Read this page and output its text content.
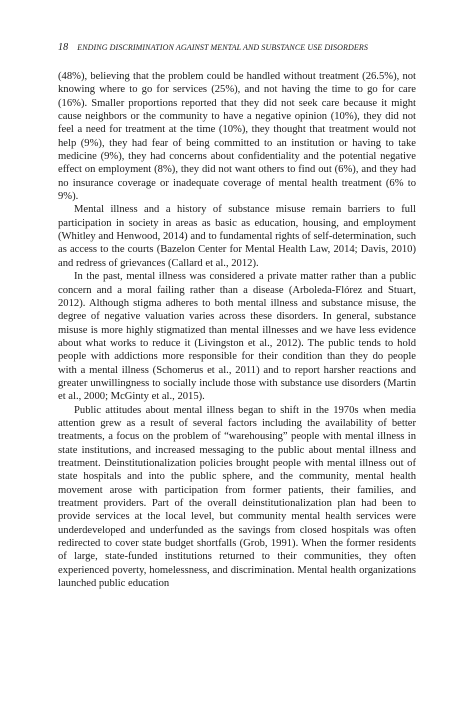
18 ENDING DISCRIMINATION AGAINST MENTAL AND SUBSTANCE USE DISORDERS

(48%), believing that the problem could be handled without treatment (26.5%), not knowing where to go for services (25%), and not having the time to go for care (16%). Smaller proportions reported that they did not seek care because it might cause neighbors or the community to have a negative opinion (10%), they did not feel a need for treatment at the time (10%), they thought that treatment would not help (9%), they had fear of being committed to an institution or having to take medicine (9%), they had concerns about confidentiality and the potential negative effect on employment (8%), they did not want others to find out (6%), and they had no insurance coverage or inadequate coverage of mental health treatment (6% to 9%).

Mental illness and a history of substance misuse remain barriers to full participation in society in areas as basic as education, housing, and employment (Whitley and Henwood, 2014) and to fundamental rights of self-determination, such as access to the courts (Bazelon Center for Mental Health Law, 2014; Davis, 2010) and redress of grievances (Callard et al., 2012).

In the past, mental illness was considered a private matter rather than a public concern and a moral failing rather than a disease (Arboleda-Flórez and Stuart, 2012). Although stigma adheres to both mental illness and substance misuse, the degree of negative valuation varies across these disorders. In general, substance misuse is more highly stigmatized than mental illnesses and we have less evidence about what works to reduce it (Livingston et al., 2012). The public tends to hold people with addictions more responsible for their condition than they do people with a mental illness (Schomerus et al., 2011) and to report harsher reactions and greater unwillingness to socially include those with substance use disorders (Martin et al., 2000; McGinty et al., 2015).

Public attitudes about mental illness began to shift in the 1970s when media attention grew as a result of several factors including the availability of better treatments, a focus on the problem of “warehousing” people with mental illness in state institutions, and increased messaging to the public about mental illness and treatment. Deinstitutionalization policies brought people with mental illness out of state hospitals and into the public sphere, and the community, mental health movement arose with participation from former patients, their families, and treatment providers. Part of the overall deinstitutionalization plan had been to provide services at the local level, but community mental health services were underdeveloped and underfunded as the savings from closed hospitals was often redirected to cover state budget shortfalls (Grob, 1991). When the former residents of large, state-funded institutions returned to their communities, they often experienced poverty, homelessness, and discrimination. Mental health organizations launched public education
